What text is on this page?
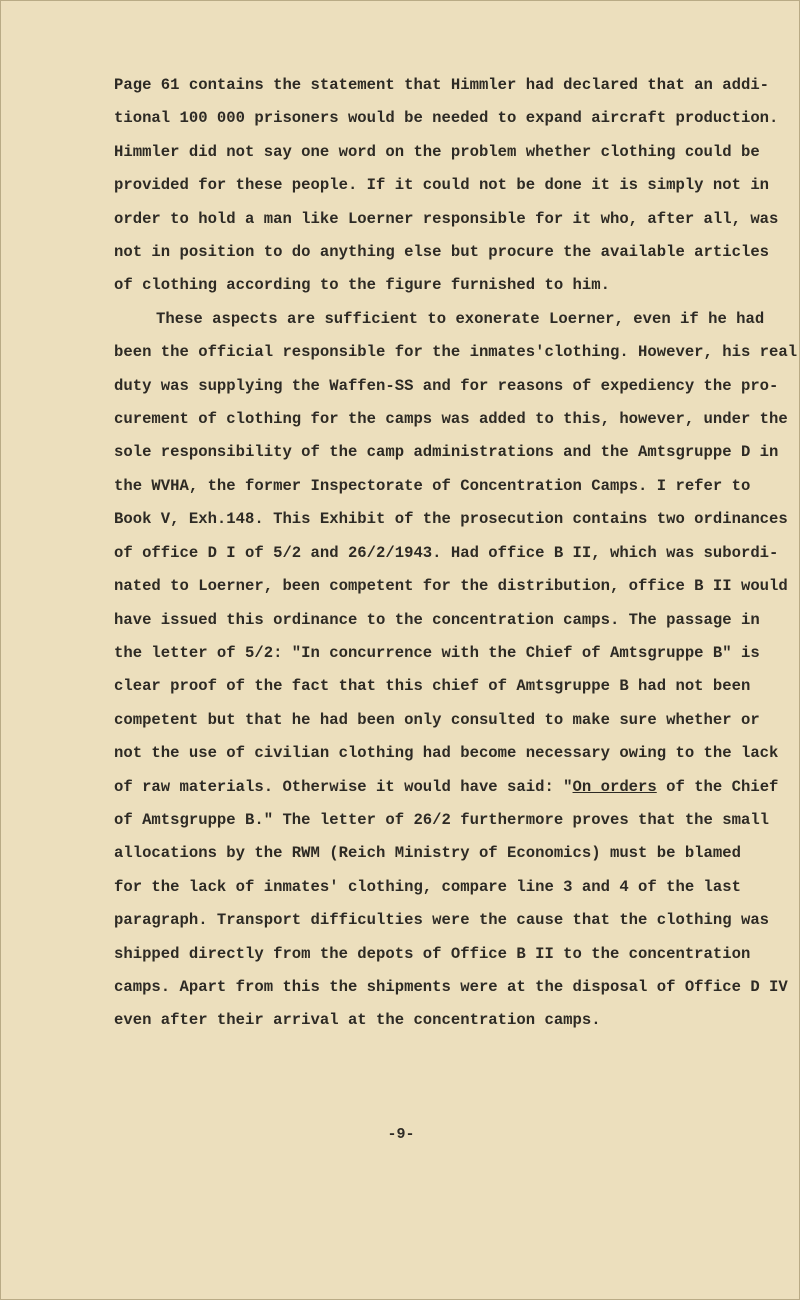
Page 61 contains the statement that Himmler had declared that an addi-
tional 100 000 prisoners would be needed to expand aircraft production.
Himmler did not say one word on the problem whether clothing could be
provided for these people. If it could not be done it is simply not in
order to hold a man like Loerner responsible for it who, after all, was
not in position to do anything else but procure the available articles
of clothing according to the figure furnished to him.
These aspects are sufficient to exonerate Loerner, even if he had
been the official responsible for the inmates'clothing. However, his real
duty was supplying the Waffen-SS and for reasons of expediency the pro-
curement of clothing for the camps was added to this, however, under the
sole responsibility of the camp administrations and the Amtsgruppe D in
the WVHA, the former Inspectorate of Concentration Camps. I refer to
Book V, Exh.148. This Exhibit of the prosecution contains two ordinances
of office D I of 5/2 and 26/2/1943. Had office B II, which was subordi-
nated to Loerner, been competent for the distribution, office B II would
have issued this ordinance to the concentration camps. The passage in
the letter of 5/2: "In concurrence with the Chief of Amtsgruppe B" is
clear proof of the fact that this chief of Amtsgruppe B had not been
competent but that he had been only consulted to make sure whether or
not the use of civilian clothing had become necessary owing to the lack
of raw materials. Otherwise it would have said: "On orders of the Chief
of Amtsgruppe B." The letter of 26/2 furthermore proves that the small
allocations by the RWM (Reich Ministry of Economics) must be blamed
for the lack of inmates' clothing, compare line 3 and 4 of the last
paragraph. Transport difficulties were the cause that the clothing was
shipped directly from the depots of Office B II to the concentration
camps. Apart from this the shipments were at the disposal of Office D IV
even after their arrival at the concentration camps.
-9-
